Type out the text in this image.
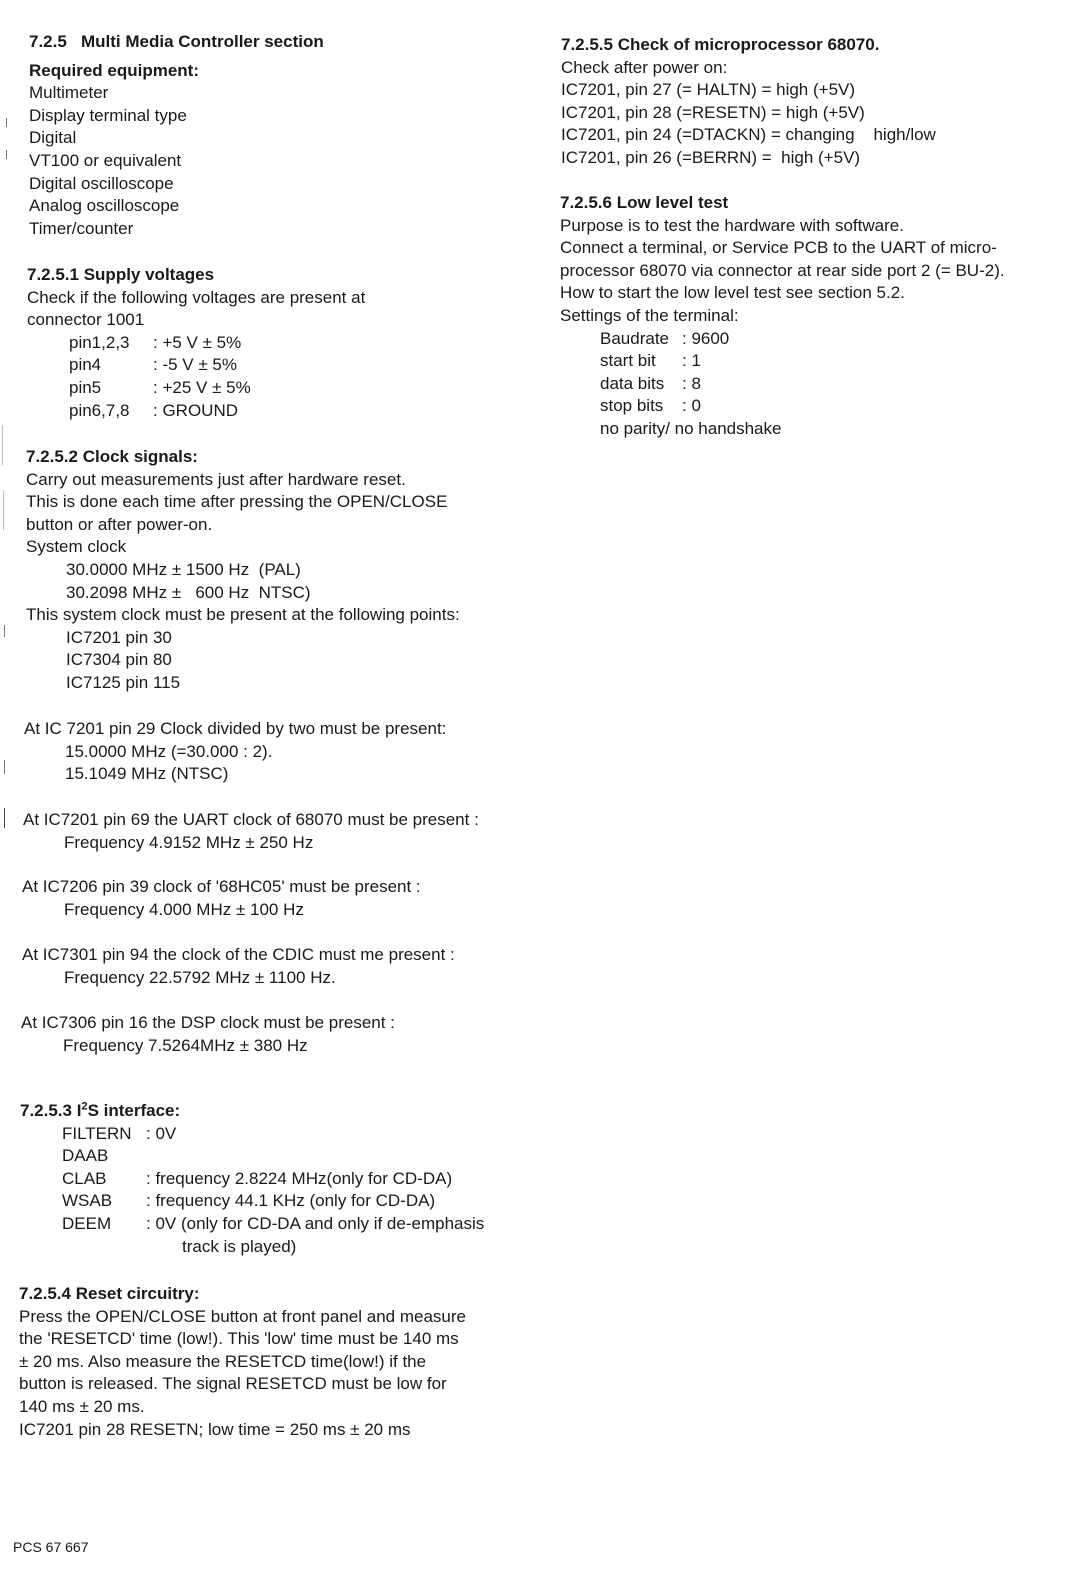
7.2.5 Multi Media Controller section
Required equipment:
Multimeter
Display terminal type
Digital
VT100 or equivalent
Digital oscilloscope
Analog oscilloscope
Timer/counter
7.2.5.1 Supply voltages
Check if the following voltages are present at
connector 1001
pin1,2,3 : +5 V ± 5%
pin4	: -5 V ± 5%
pin5	: +25 V ± 5%
pin6,7,8 : GROUND
7.2.5.2 Clock signals:
Carry out measurements just after hardware reset.
This is done each time after pressing the OPEN/CLOSE
button or after power-on.
System clock
30.0000 MHz ± 1500 Hz  (PAL)
30.2098 MHz ±   600 Hz  NTSC)
This system clock must be present at the following points:
IC7201 pin 30
IC7304 pin 80
IC7125 pin 115
At IC 7201 pin 29 Clock divided by two must be present:
15.0000 MHz (=30.000 : 2).
15.1049 MHz (NTSC)
At IC7201 pin 69 the UART clock of 68070 must be present :
Frequency 4.9152 MHz ± 250 Hz
At IC7206 pin 39 clock of '68HC05' must be present :
Frequency 4.000 MHz ± 100 Hz
At IC7301 pin 94 the clock of the CDIC must me present :
Frequency 22.5792 MHz ± 1100 Hz.
At IC7306 pin 16 the DSP clock must be present :
Frequency 7.5264MHz ± 380 Hz
7.2.5.3 $I^2S$ interface:
FILTERN : 0V
DAAB
CLAB : frequency 2.8224 MHz(only for CD-DA)
WSAB : frequency 44.1 KHz (only for CD-DA)
DEEM : 0V (only for CD-DA and only if de-emphasis
track is played)
7.2.5.4 Reset circuitry:
Press the OPEN/CLOSE button at front panel and measure
the 'RESETCD' time (low!). This 'low' time must be 140 ms
± 20 ms. Also measure the RESETCD time(low!) if the
button is released. The signal RESETCD must be low for
140 ms ± 20 ms.
IC7201 pin 28 RESETN; low time = 250 ms ± 20 ms
PCS 67 667
7.2.5.5 Check of microprocessor 68070.
Check after power on:
IC7201, pin 27 (= HALTN) = high (+5V)
IC7201, pin 28 (=RESETN) = high (+5V)
IC7201, pin 24 (=DTACKN) = changing    high/low
IC7201, pin 26 (=BERRN) =  high (+5V)
7.2.5.6 Low level test
Purpose is to test the hardware with software.
Connect a terminal, or Service PCB to the UART of micro-
processor 68070 via connector at rear side port 2 (= BU-2).
How to start the low level test see section 5.2.
Settings of the terminal:
Baudrate : 9600
start bit : 1
data bits : 8
stop bits : 0
no parity/ no handshake
